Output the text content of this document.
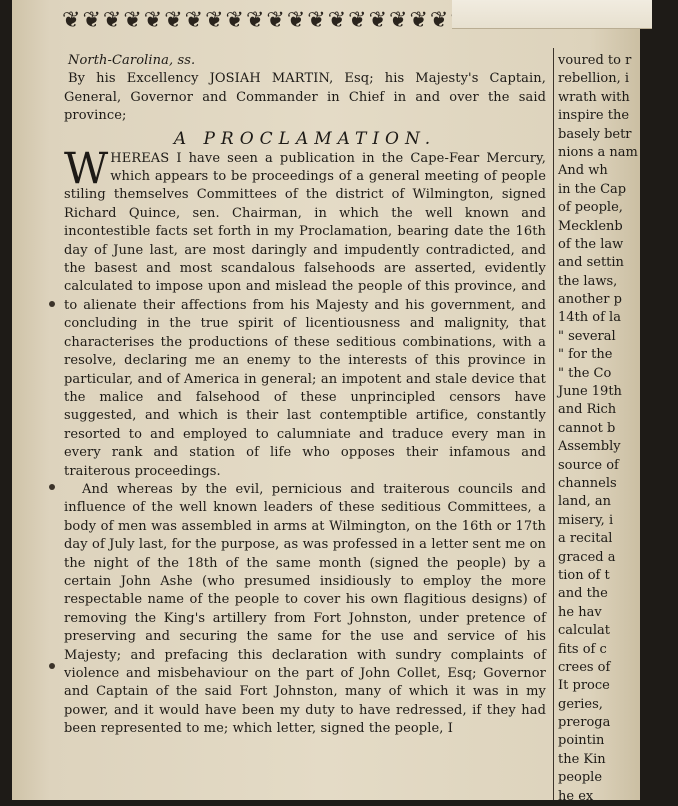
❦ ❦ ❦ ❦ ❦ ❦ ❦ ❦ ❦ ❦ ❦ ❦ ❦ ❦ ❦ ❦ ❦ ❦ ❦

North-Carolina, ss.

By his Excellency JOSIAH MARTIN, Esq; his Majesty's Captain, General, Governor and Commander in Chief in and over the said province;

A PROCLAMATION.

WHEREAS I have seen a publication in the Cape-Fear Mercury, which appears to be proceedings of a general meeting of people stiling themselves Committees of the district of Wilmington, signed Richard Quince, sen. Chairman, in which the well known and incontestible facts set forth in my Proclamation, bearing date the 16th day of June last, are most daringly and impudently contradicted, and the basest and most scandalous falsehoods are asserted, evidently calculated to impose upon and mislead the people of this province, and to alienate their affections from his Majesty and his government, and concluding in the true spirit of licentiousness and malignity, that characterises the productions of these seditious combinations, with a resolve, declaring me an enemy to the interests of this province in particular, and of America in general; an impotent and stale device that the malice and falsehood of these unprincipled censors have suggested, and which is their last contemptible artifice, constantly resorted to and employed to calumniate and traduce every man in every rank and station of life who opposes their infamous and traiterous proceedings.

And whereas by the evil, pernicious and traiterous councils and influence of the well known leaders of these seditious Committees, a body of men was assembled in arms at Wilmington, on the 16th or 17th day of July last, for the purpose, as was professed in a letter sent me on the night of the 18th of the same month (signed the people) by a certain John Ashe (who presumed insidiously to employ the more respectable name of the people to cover his own flagitious designs) of removing the King's artillery from Fort Johnston, under pretence of preserving and securing the same for the use and service of his Majesty; and prefacing this declaration with sundry complaints of violence and misbehaviour on the part of John Collet, Esq; Governor and Captain of the said Fort Johnston, many of which it was in my power, and it would have been my duty to have redressed, if they had been represented to me; which letter, signed the people, I

voured to r
rebellion, i
wrath with
inspire the
basely betr
nions a nam
And wh
in the Cap
of people,
Mecklenb
of the law
and settin
the laws,
another p
14th of la
" several
" for the
" the Co
June 19th
and Rich
cannot b
Assembly
source of
channels
land, an
misery, i
a recital
graced a
tion of t
and the
he hav
calculat
fits of c
crees of
It proce
geries,
preroga
pointin
the Kin
people
he ex
